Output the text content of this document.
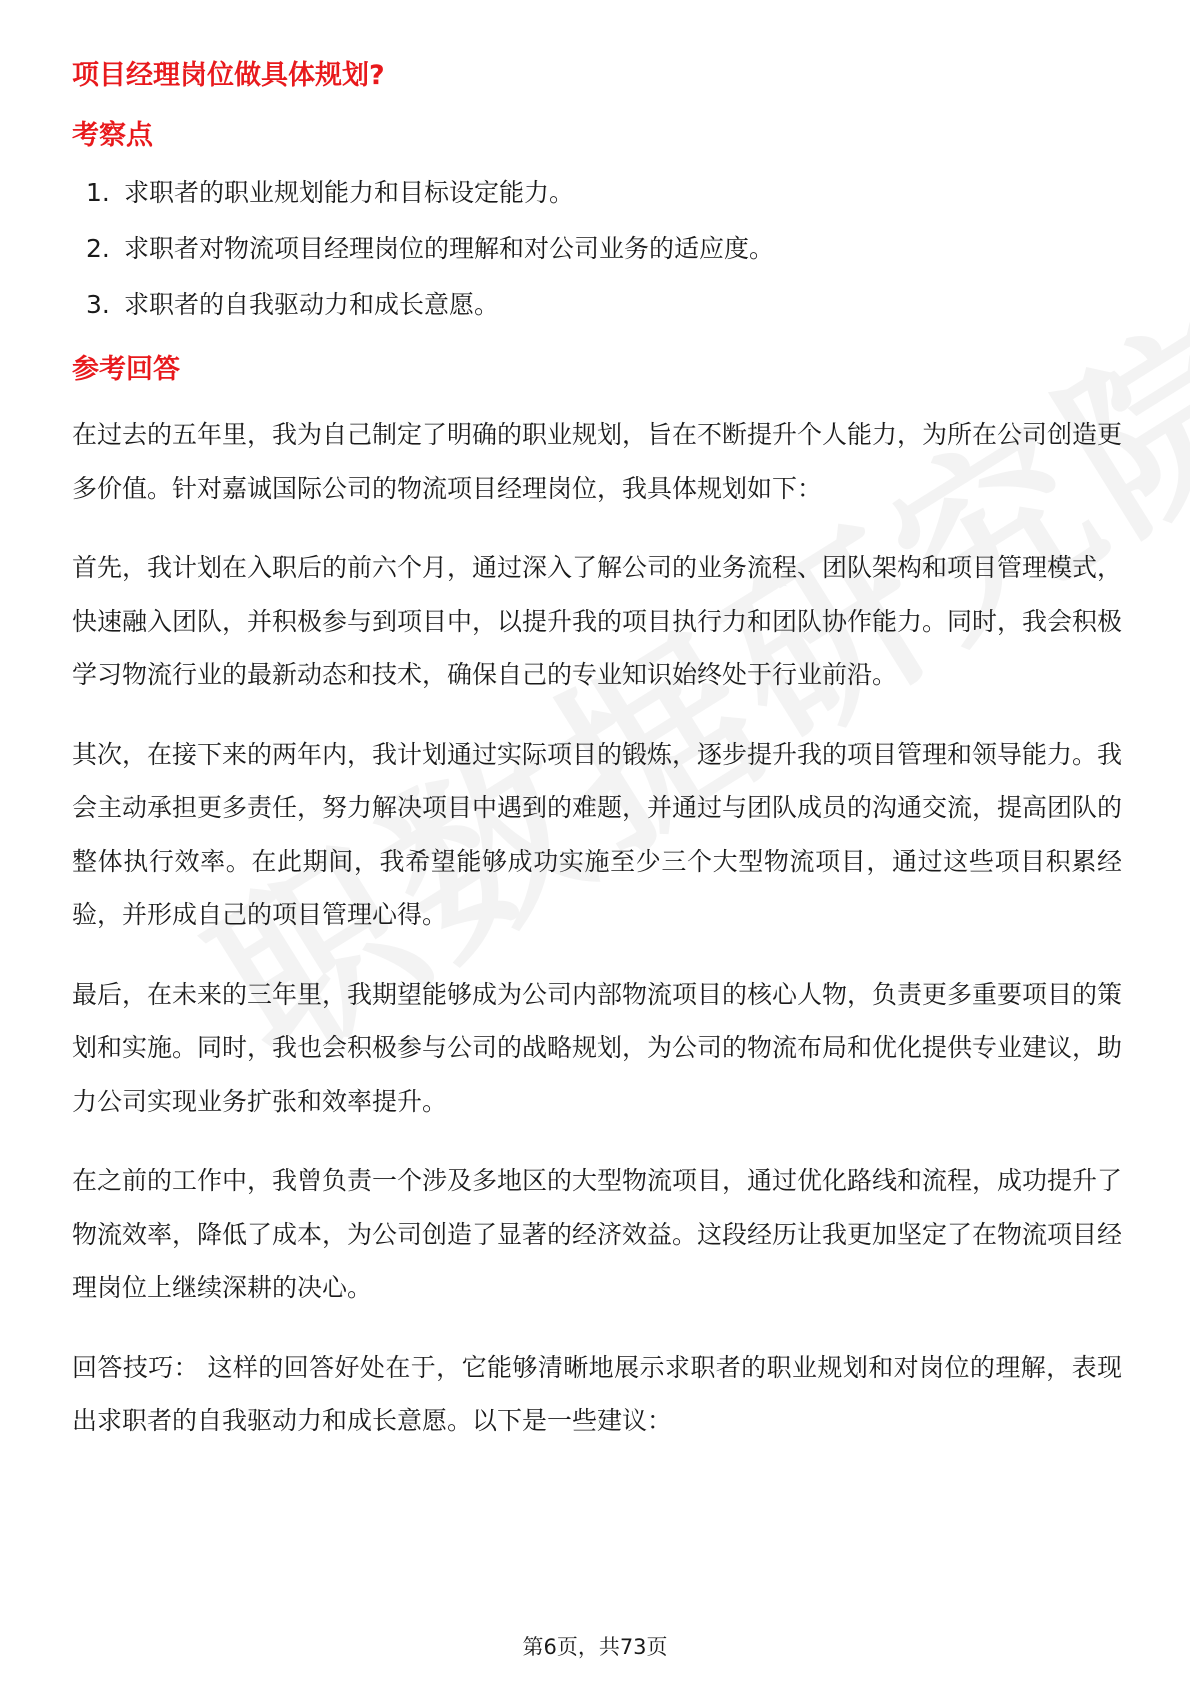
项目经理岗位做具体规划?
考察点
1. 求职者的职业规划能力和目标设定能力。
2. 求职者对物流项目经理岗位的理解和对公司业务的适应度。
3. 求职者的自我驱动力和成长意愿。
参考回答

在过去的五年里，我为自己制定了明确的职业规划，旨在不断提升个人能力，为所在公司创造更多价值。针对嘉诚国际公司的物流项目经理岗位，我具体规划如下：

首先，我计划在入职后的前六个月，通过深入了解公司的业务流程、团队架构和项目管理模式，快速融入团队，并积极参与到项目中，以提升我的项目执行力和团队协作能力。同时，我会积极学习物流行业的最新动态和技术，确保自己的专业知识始终处于行业前沿。

其次，在接下来的两年内，我计划通过实际项目的锻炼，逐步提升我的项目管理和领导能力。我会主动承担更多责任，努力解决项目中遇到的难题，并通过与团队成员的沟通交流，提高团队的整体执行效率。在此期间，我希望能够成功实施至少三个大型物流项目，通过这些项目积累经验，并形成自己的项目管理心得。

最后，在未来的三年里，我期望能够成为公司内部物流项目的核心人物，负责更多重要项目的策划和实施。同时，我也会积极参与公司的战略规划，为公司的物流布局和优化提供专业建议，助力公司实现业务扩张和效率提升。

在之前的工作中，我曾负责一个涉及多地区的大型物流项目，通过优化路线和流程，成功提升了物流效率，降低了成本，为公司创造了显著的经济效益。这段经历让我更加坚定了在物流项目经理岗位上继续深耕的决心。

回答技巧： 这样的回答好处在于，它能够清晰地展示求职者的职业规划和对岗位的理解，表现出求职者的自我驱动力和成长意愿。以下是一些建议：

第6页，共73页
